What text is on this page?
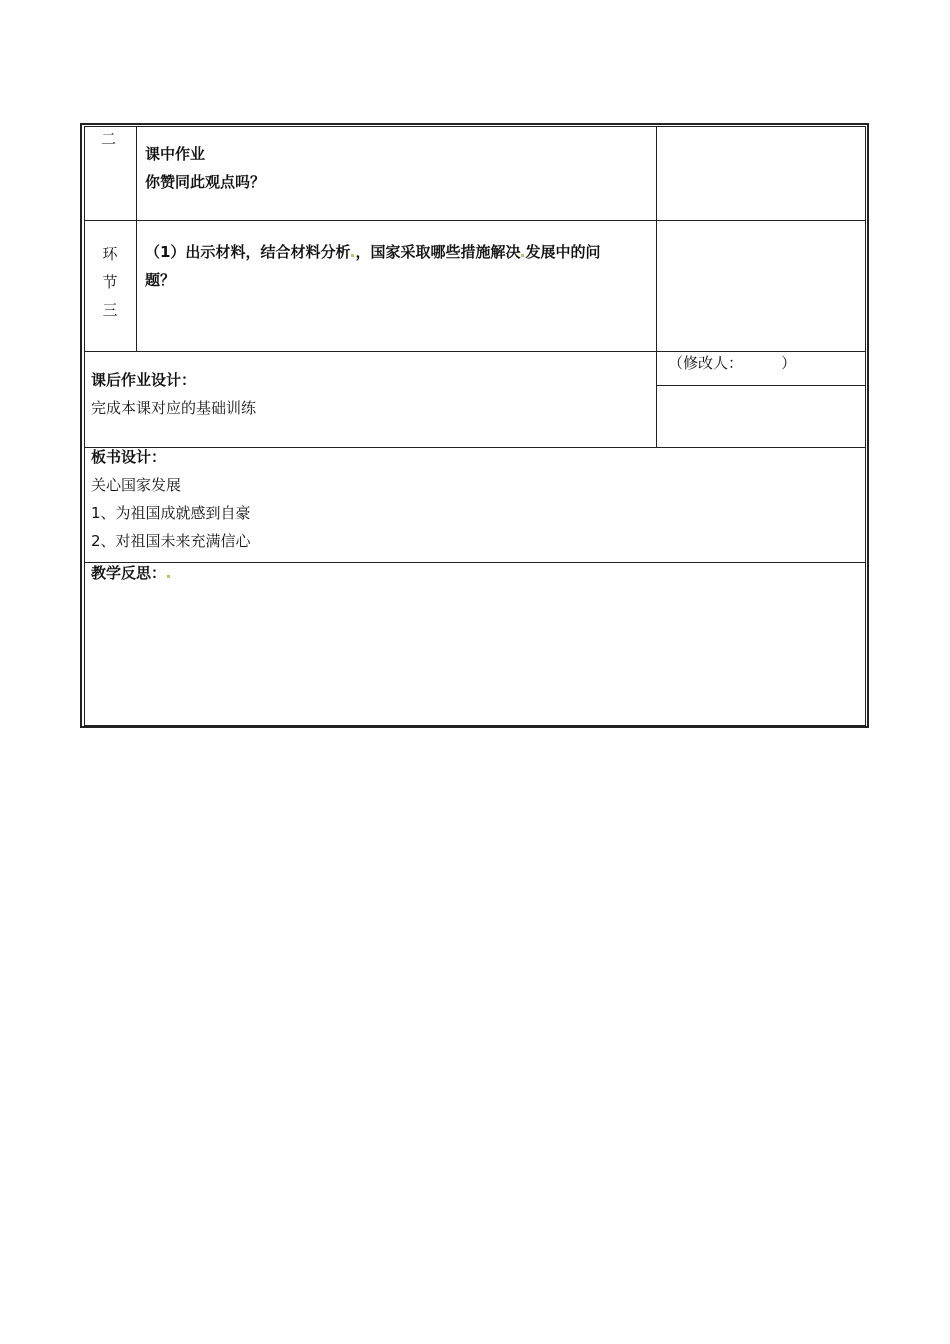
二
课中作业
你赞同此观点吗？
环
节
三
（1）出示材料，结合材料分析 ，国家采取哪些措施解决 发展中的问
题？
课后作业设计：
完成本课对应的基础训练
（修改人：        ）
板书设计：
关心国家发展
1、为祖国成就感到自豪
2、对祖国未来充满信心
教学反思：
